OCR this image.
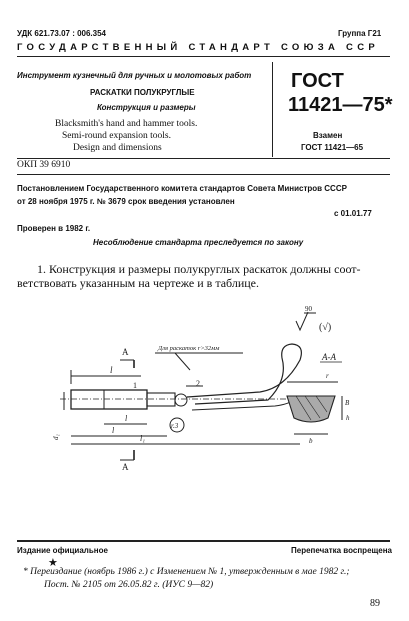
УДК 621.73.07 : 006.354	Группа Г21
ГОСУДАРСТВЕННЫЙ СТАНДАРТ СОЮЗА ССР
Инструмент кузнечный для ручных и молотовых работ
РАСКАТКИ ПОЛУКРУГЛЫЕ
Конструкция и размеры
Blacksmith's hand and hammer tools.
Semi-round expansion tools.
Design and dimensions
ГОСТ
11421—75*
Взамен
ГОСТ 11421—65
ОКП 39 6910
Постановлением Государственного комитета стандартов Совета Министров СССР
от 28 ноября 1975 г. № 3679 срок введения установлен
с 01.01.77
Проверен в 1982 г.
Несоблюдение стандарта преследуется по закону
1. Конструкция и размеры полукруглых раскаток должны соот-
ветствовать указанным на чертеже и в таблице.
90
(√)
А	Для раскаток r>32мм
l
1	2
r.3
d₁
l
l
l₁
А
А-А
r
B
h
b
Издание официальное	Перепечатка воспрещена
★
* Переиздание (ноябрь 1986 г.) с Изменением № 1, утвержденным в мае 1982 г.;
Пост. № 2105 от 26.05.82 г. (ИУС 9—82)
89
